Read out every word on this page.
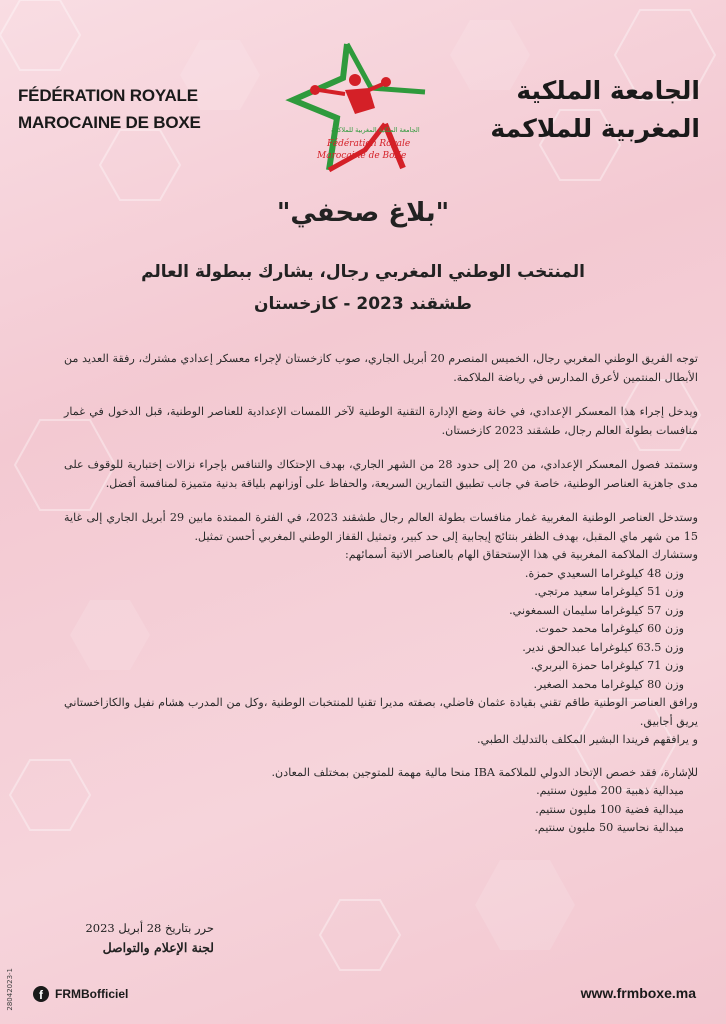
FÉDÉRATION ROYALE
MAROCAINE DE BOXE	الجامعة الملكية المغربية للملاكمة
Fédération Royale
Marocaine de BoXe
الجامعة الملكية
المغربية للملاكمة
"بلاغ صحفي"
المنتخب الوطني المغربي رجال، يشارك ببطولة العالم
طشقند 2023 - كازخستان

توجه الفريق الوطني المغربي رجال، الخميس المنصرم 20 أبريل الجاري، صوب كازخستان لإجراء معسكر إعدادي مشترك، رفقة العديد من الأبطال المنتمين لأعرق المدارس في رياضة الملاكمة.

ويدخل إجراء هذا المعسكر الإعدادي، في خانة وضع الإدارة التقنية الوطنية لآخر اللمسات الإعدادية للعناصر الوطنية، قبل الدخول في غمار منافسات بطولة العالم رجال، طشقند 2023 كازخستان.

وستمتد فصول المعسكر الإعدادي، من 20 إلى حدود 28 من الشهر الجاري، بهدف الإحتكاك والتنافس بإجراء نزالات إختبارية للوقوف على مدى جاهزية العناصر الوطنية، خاصة في جانب تطبيق التمارين السريعة، والحفاظ على أوزانهم بلياقة بدنية متميزة لمنافسة أفضل.

وستدخل العناصر الوطنية المغربية غمار منافسات بطولة العالم رجال طشقند 2023، في الفترة الممتدة مابين 29 أبريل الجاري إلى غاية 15 من شهر ماي المقبل، بهدف الظفر بنتائج إيجابية إلى حد كبير، وتمثيل القفاز الوطني المغربي أحسن تمثيل.

وستشارك الملاكمة المغربية في هذا الإستحقاق الهام بالعناصر الاتية أسمائهم:

وزن 48 كيلوغراما السعيدي حمزة.
وزن 51 كيلوغراما سعيد مرتجي.
وزن 57 كيلوغراما سليمان السمغوني.
وزن 60 كيلوغراما محمد حموت.
وزن 63.5 كيلوغراما عبدالحق ندير.
وزن 71 كيلوغراما حمزة البربري.
وزن 80 كيلوغراما محمد الصغير.

ورافق العناصر الوطنية طاقم تقني بقيادة عثمان فاضلي، بصفته مديرا تقنيا للمنتخبات الوطنية ،وكل من المدرب هشام نفيل والكازاخستاني يريق أجابيق.

و يرافقهم فريندا البشير المكلف بالتدليك الطبي.

للإشارة، فقد خصص الإتحاد الدولي للملاكمة IBA منحا مالية مهمة للمتوجين بمختلف المعادن.

ميدالية ذهبية 200 مليون سنتيم.
ميدالية فضية 100 مليون سنتيم.
ميدالية نحاسية 50 مليون سنتيم.
حرر بتاريخ 28 أبريل 2023
لجنة الإعلام والتواصل
28042023-1	f	FRMBofficiel	www.frmboxe.ma
